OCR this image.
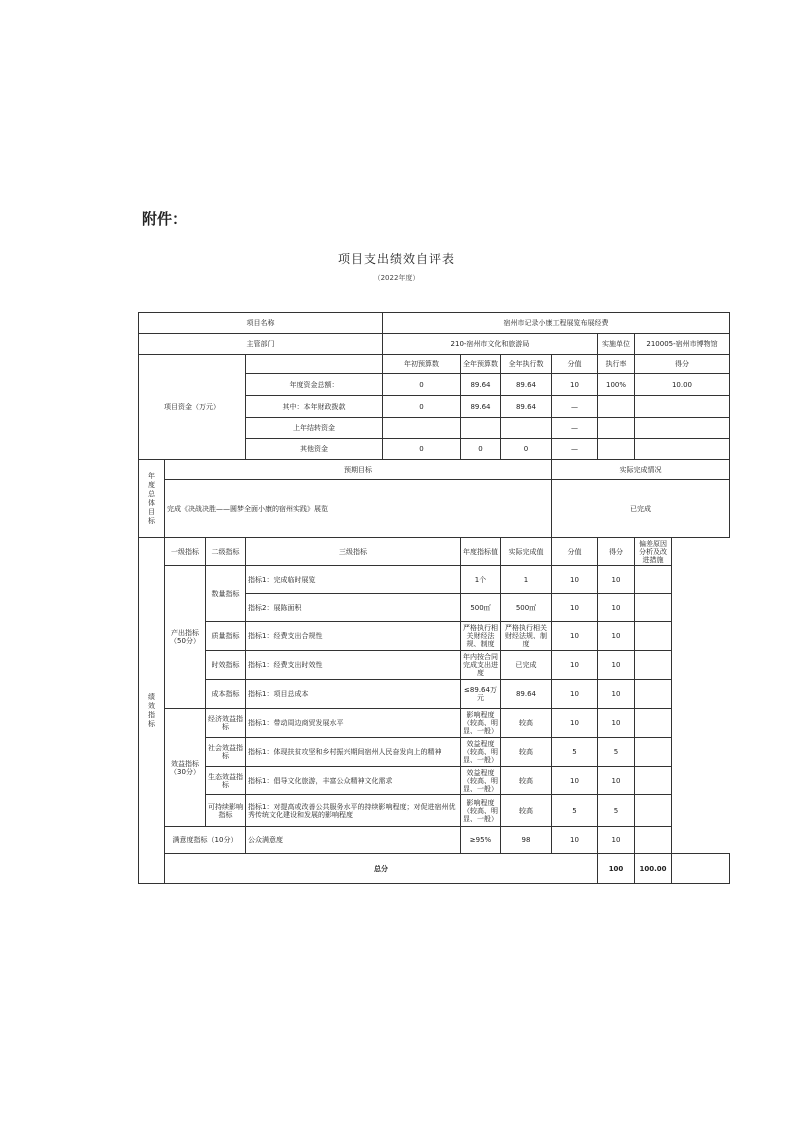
附件：
项目支出绩效自评表
（2022年度）
项目名称				宿州市记录小康工程展览布展经费						
主管部门				210-宿州市文化和旅游局				实施单位	210005-宿州市博物馆	
项目资金（万元）				年初预算数	全年预算数	全年执行数	分值	执行率	得分	
			年度资金总额：	0	89.64	89.64	10	100%	10.00	
			其中：本年财政拨款	0	89.64	89.64	—			
			上年结转资金				—			
			其他资金	0	0	0	—			
年度总体目标	预期目标						实际完成情况			
	完成《决战决胜——圆梦全面小康的宿州实践》展览						已完成			
绩效指标	一级指标	二级指标	三级指标		年度指标值	实际完成值	分值	得分	偏差原因分析及改进措施	
	产出指标（50分）	数量指标	指标1：完成临时展览		1个	1	10	10		
			指标2：展陈面积		500㎡	500㎡	10	10		
		质量指标	指标1：经费支出合规性		严格执行相关财经法规、制度	严格执行相关财经法规、制度	10	10		
		时效指标	指标1：经费支出时效性		年内按合同完成支出进度	已完成	10	10		
		成本指标	指标1：项目总成本		≤89.64万元	89.64	10	10		
	效益指标（30分）	经济效益指标	指标1：带动周边商贸发展水平		影响程度（较高、明显、一般）	较高	10	10		
		社会效益指标	指标1：体现扶贫攻坚和乡村振兴期间宿州人民奋发向上的精神		效益程度（较高、明显、一般）	较高	5	5		
		生态效益指标	指标1：倡导文化旅游，丰富公众精神文化需求		效益程度（较高、明显、一般）	较高	10	10		
		可持续影响指标	指标1：对提高或改善公共服务水平的持续影响程度；对促进宿州优秀传统文化建设和发展的影响程度		影响程度（较高、明显、一般）	较高	5	5		
	满意度指标（10分）		公众满意度		≥95%	98	10	10		
	总分							100	100.00	
